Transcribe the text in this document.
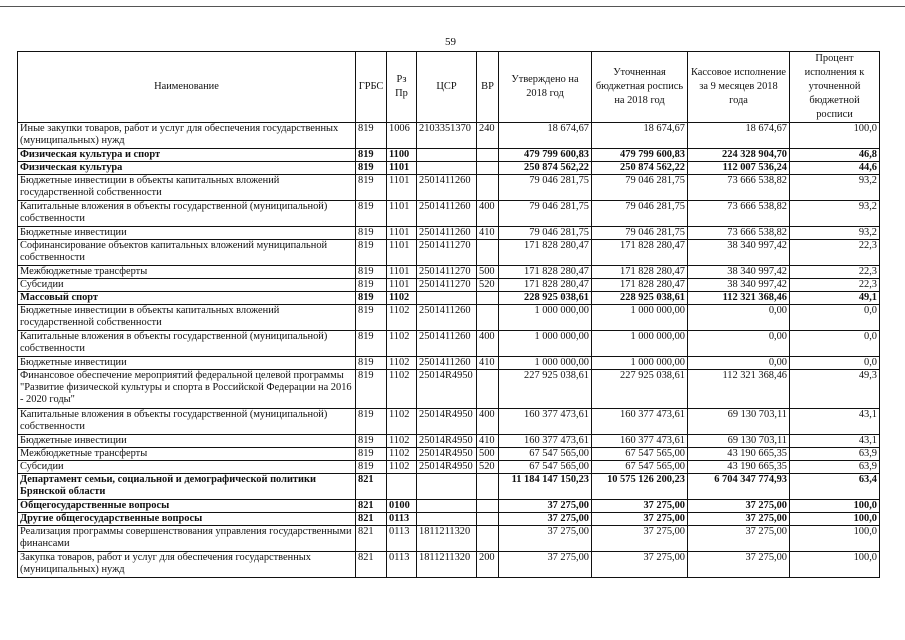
59
Наименование	ГРБС	Рз Пр	ЦСР	ВР	Утверждено на 2018 год	Уточненная бюджетная роспись на 2018 год	Кассовое исполнение за 9 месяцев 2018 года	Процент исполнения к уточненной бюджетной росписи
Иные закупки товаров, работ и услуг для обеспечения государственных (муниципальных) нужд	819	1006	2103351370	240	18 674,67	18 674,67	18 674,67	100,0
Физическая культура и спорт	819	1100			479 799 600,83	479 799 600,83	224 328 904,70	46,8
Физическая культура	819	1101			250 874 562,22	250 874 562,22	112 007 536,24	44,6
Бюджетные инвестиции в объекты капитальных вложений государственной собственности	819	1101	2501411260		79 046 281,75	79 046 281,75	73 666 538,82	93,2
Капитальные вложения в объекты государственной (муниципальной) собственности	819	1101	2501411260	400	79 046 281,75	79 046 281,75	73 666 538,82	93,2
Бюджетные инвестиции	819	1101	2501411260	410	79 046 281,75	79 046 281,75	73 666 538,82	93,2
Софинансирование объектов капитальных вложений муниципальной собственности	819	1101	2501411270		171 828 280,47	171 828 280,47	38 340 997,42	22,3
Межбюджетные трансферты	819	1101	2501411270	500	171 828 280,47	171 828 280,47	38 340 997,42	22,3
Субсидии	819	1101	2501411270	520	171 828 280,47	171 828 280,47	38 340 997,42	22,3
Массовый спорт	819	1102			228 925 038,61	228 925 038,61	112 321 368,46	49,1
Бюджетные инвестиции в объекты капитальных вложений государственной собственности	819	1102	2501411260		1 000 000,00	1 000 000,00	0,00	0,0
Капитальные вложения в объекты государственной (муниципальной) собственности	819	1102	2501411260	400	1 000 000,00	1 000 000,00	0,00	0,0
Бюджетные инвестиции	819	1102	2501411260	410	1 000 000,00	1 000 000,00	0,00	0,0
Финансовое обеспечение мероприятий федеральной целевой программы "Развитие физической культуры и спорта в Российской Федерации на 2016 - 2020 годы"	819	1102	25014R4950		227 925 038,61	227 925 038,61	112 321 368,46	49,3
Капитальные вложения в объекты государственной (муниципальной) собственности	819	1102	25014R4950	400	160 377 473,61	160 377 473,61	69 130 703,11	43,1
Бюджетные инвестиции	819	1102	25014R4950	410	160 377 473,61	160 377 473,61	69 130 703,11	43,1
Межбюджетные трансферты	819	1102	25014R4950	500	67 547 565,00	67 547 565,00	43 190 665,35	63,9
Субсидии	819	1102	25014R4950	520	67 547 565,00	67 547 565,00	43 190 665,35	63,9
Департамент семьи, социальной и демографической политики Брянской области	821				11 184 147 150,23	10 575 126 200,23	6 704 347 774,93	63,4
Общегосударственные вопросы	821	0100			37 275,00	37 275,00	37 275,00	100,0
Другие общегосударственные вопросы	821	0113			37 275,00	37 275,00	37 275,00	100,0
Реализация программы совершенствования управления государственными финансами	821	0113	1811211320		37 275,00	37 275,00	37 275,00	100,0
Закупка товаров, работ и услуг для обеспечения государственных (муниципальных) нужд	821	0113	1811211320	200	37 275,00	37 275,00	37 275,00	100,0
